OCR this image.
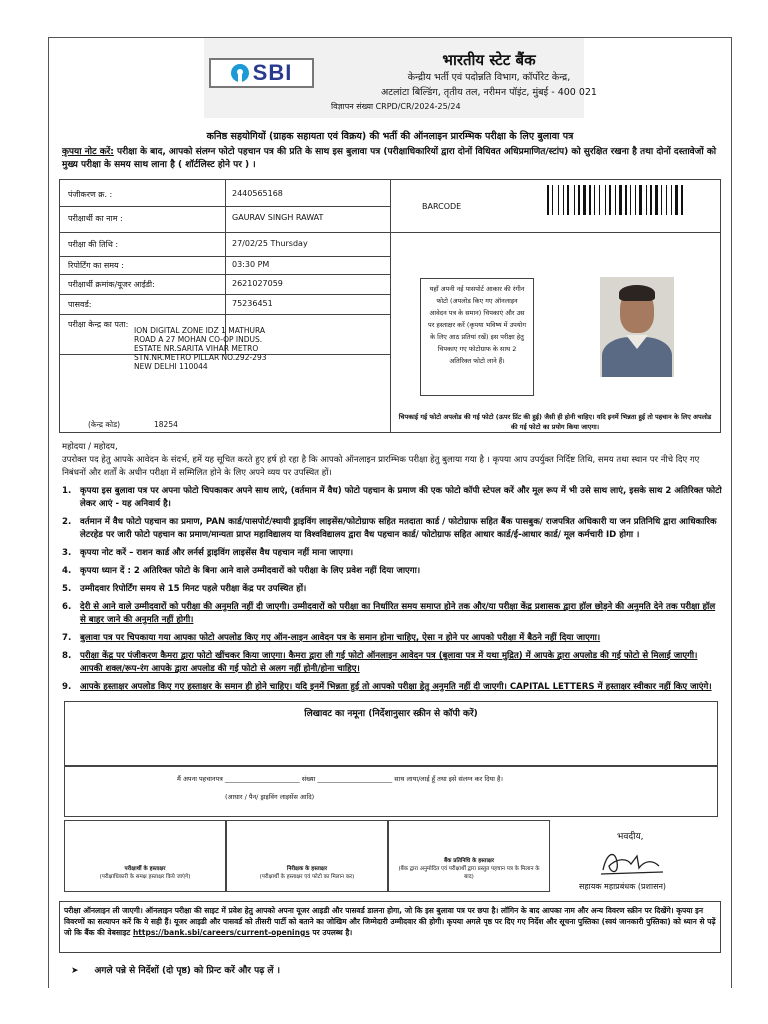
SBI	भारतीय स्टेट बैंक
केन्द्रीय भर्ती एवं पदोन्नति विभाग, कॉर्पोरेट केन्द्र,
अटलांटा बिल्डिंग, तृतीय तल, नरीमन पॉइंट, मुंबई - 400 021
विज्ञापन संख्या CRPD/CR/2024-25/24
कनिष्ठ सहयोगियों (ग्राहक सहायता एवं विक्रय) की भर्ती की ऑनलाइन प्रारम्भिक परीक्षा के लिए बुलावा पत्र
कृपया नोट करें: परीक्षा के बाद, आपको संलग्न फोटो पहचान पत्र की प्रति के साथ इस बुलावा पत्र (परीक्षाधिकारियों द्वारा दोनों विधिवत अधिप्रमाणित/स्टांप) को सुरक्षित रखना है तथा दोनों दस्तावेजों को मुख्य परीक्षा के समय साथ लाना है ( शॉर्टलिस्ट होने पर ) ।
पंजीकरण क्र. :	2440565168
परीक्षार्थी का नाम :	GAURAV SINGH RAWAT
परीक्षा की तिथि :	27/02/25 Thursday
रिपोर्टिंग का समय :	03:30 PM
परीक्षार्थी क्रमांक/यूजर आईडी:	2621027059
पासवर्ड:	75236451
परीक्षा केन्द्र का पता:
ION DIGITAL ZONE IDZ 1 MATHURA
ROAD A 27 MOHAN CO-OP INDUS.
ESTATE NR.SARITA VIHAR METRO
STN.NR.METRO PILLAR NO.292-293
NEW DELHI 110044
(केन्द्र कोड)	18254
BARCODE
यहाँ अपनी नई पासपोर्ट आकार की रंगीन फोटो (अपलोड किए गए ऑनलाइन आवेदन पत्र के समान) चिपकाएं और उस पर हस्ताक्षर करें (कृपया भविष्य में उपयोग के लिए आठ प्रतियां रखें) इस परीक्षा हेतु चिपकाए गए फोटोग्राफ के साथ 2 अतिरिक्त फोटो लाने हैं।
चिपकाई गई फोटो अपलोड की गई फोटो (ऊपर प्रिंट की हुई) जैसी ही होनी चाहिए। यदि इनमें भिन्नता हुई तो पहचान के लिए अपलोड की गई फोटो का प्रयोग किया जाएगा।
महोदया / महोदय,
उपरोक्त पद हेतु आपके आवेदन के संदर्भ, हमें यह सूचित करते हुए हर्ष हो रहा है कि आपको ऑनलाइन प्रारम्भिक परीक्षा हेतु बुलाया गया है । कृपया आप उपर्युक्त निर्दिष्ट तिथि, समय तथा स्थान पर नीचे दिए गए निबंधनों और शर्तों के अधीन परीक्षा में सम्मिलित होने के लिए अपने व्यय पर उपस्थित हों।
1. कृपया इस बुलावा पत्र पर अपना फोटो चिपकाकर अपने साथ लाएं, (वर्तमान में वैध) फोटो पहचान के प्रमाण की एक फोटो कॉपी स्टेपल करें और मूल रूप में भी उसे साथ लाएं, इसके साथ 2 अतिरिक्त फोटो लेकर आएं - यह अनिवार्य है।
2. वर्तमान में वैध फोटो पहचान का प्रमाण, PAN कार्ड/पासपोर्ट/स्थायी ड्राइविंग लाइसेंस/फोटोग्राफ सहित मतदाता कार्ड / फोटोग्राफ सहित बैंक पासबुक/ राजपत्रित अधिकारी या जन प्रतिनिधि द्वारा आधिकारिक लेटरहेड पर जारी फोटो पहचान का प्रमाण/मान्यता प्राप्त महाविद्यालय या विश्वविद्यालय द्वारा वैध पहचान कार्ड/ फोटोग्राफ सहित आधार कार्ड/ई-आधार कार्ड/ मूल कर्मचारी ID होगा ।
3. कृपया नोट करें – राशन कार्ड और लर्नर्स ड्राइविंग लाइसेंस वैध पहचान नहीं माना जाएगा।
4. कृपया ध्यान दें : 2 अतिरिक्त फोटो के बिना आने वाले उम्मीदवारों को परीक्षा के लिए प्रवेश नहीं दिया जाएगा।
5. उम्मीदवार रिपोर्टिंग समय से 15 मिनट पहले परीक्षा केंद्र पर उपस्थित हों।
6. देरी से आने वाले उम्मीदवारों को परीक्षा की अनुमति नहीं दी जाएगी। उम्मीदवारों को परीक्षा का निर्धारित समय समाप्त होने तक और/या परीक्षा केंद्र प्रशासक द्वारा हॉल छोड़ने की अनुमति देने तक परीक्षा हॉल से बाहर जाने की अनुमति नहीं होगी।
7. बुलावा पत्र पर चिपकाया गया आपका फोटो अपलोड किए गए ऑन-लाइन आवेदन पत्र के समान होना चाहिए, ऐसा न होने पर आपको परीक्षा में बैठने नहीं दिया जाएगा।
8. परीक्षा केंद्र पर पंजीकरण कैमरा द्वारा फोटो खींचकर किया जाएगा। कैमरा द्वारा ली गई फोटो ऑनलाइन आवेदन पत्र (बुलावा पत्र में यथा मुद्रित) में आपके द्वारा अपलोड की गई फोटो से मिलाई जाएगी। आपकी शक्ल/रूप-रंग आपके द्वारा अपलोड की गई फोटो से अलग नहीं होनी/होना चाहिए।
9. आपके हस्ताक्षर अपलोड किए गए हस्ताक्षर के समान ही होने चाहिए। यदि इनमें भिन्नता हुई तो आपको परीक्षा हेतु अनुमति नहीं दी जाएगी। CAPITAL LETTERS में हस्ताक्षर स्वीकार नहीं किए जाएंगे।
लिखावट का नमूना (निर्देशानुसार स्क्रीन से कॉपी करें)
मैं अपना पहचानपत्र _______________________ संख्या _______________________ साथ लाया/लाई हूँ तथा इसे संलग्न कर दिया है।
(आधार / पैन/ ड्राइविंग लाइसेंस आदि)
परीक्षार्थी के हस्ताक्षर
(परीक्षाधिकारी के समक्ष हस्ताक्षर किये जाएंगे)
निरीक्षक के हस्ताक्षर
(परीक्षार्थी के हस्ताक्षर एवं फोटो का मिलान कर)
बैंक प्रतिनिधि के हस्ताक्षर
(बैंक द्वारा अनुमोदित एवं परीक्षार्थी द्वारा प्रस्तुत पहचान पत्र के मिलान के बाद)
भवदीय,
सहायक महाप्रबंधक (प्रशासन)
परीक्षा ऑनलाइन ली जाएगी। ऑनलाइन परीक्षा की साइट में प्रवेश हेतु आपको अपना यूजर आइडी और पासवर्ड डालना होगा, जो कि इस बुलावा पत्र पर छपा है। लॉगिन के बाद आपका नाम और अन्य विवरण स्क्रीन पर दिखेंगे। कृपया इन विवरणों का सत्यापन करें कि ये सही हैं। यूजर आइडी और पासवर्ड को तीसरी पार्टी को बताने का जोखिम और जिम्मेदारी उम्मीदवार की होगी। कृपया अगले पृष्ठ पर दिए गए निर्देश और सूचना पुस्तिका (स्वयं जानकारी पुस्तिका) को ध्यान से पढ़ें जो कि बैंक की वेबसाइट https://bank.sbi/careers/current-openings पर उपलब्ध है।
➤ अगले पन्ने से निर्देशों (दो पृष्ठ) को प्रिन्ट करें और पढ़ लें ।
